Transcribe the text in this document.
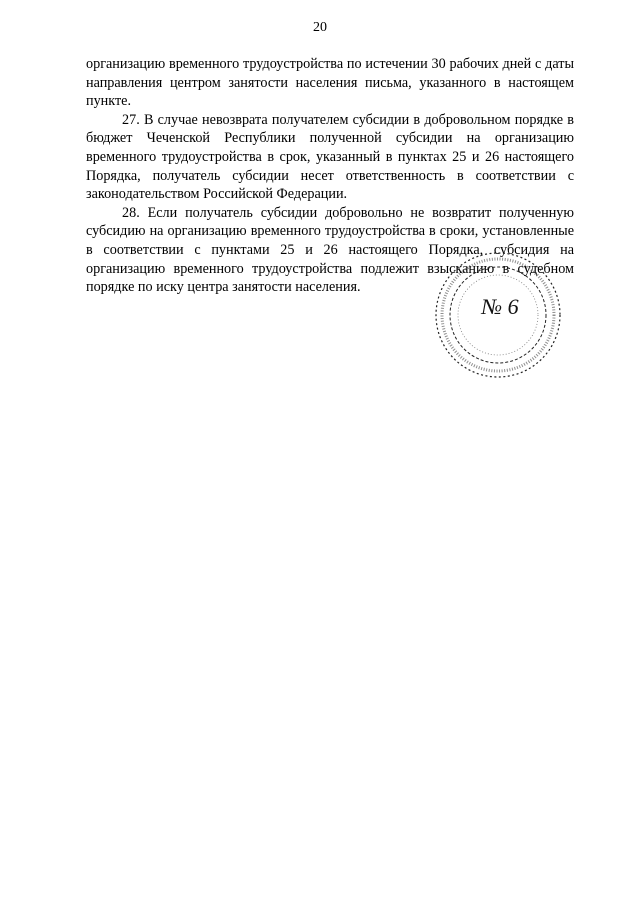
20

организацию временного трудоустройства по истечении 30 рабочих дней с даты направления центром занятости населения письма, указанного в настоящем пункте.

27. В случае невозврата получателем субсидии в добровольном порядке в бюджет Чеченской Республики полученной субсидии на организацию временного трудоустройства в срок, указанный в пунктах 25 и 26 настоящего Порядка, получатель субсидии несет ответственность в соответствии с законодательством Российской Федерации.

28. Если получатель субсидии добровольно не возвратит полученную субсидию на организацию временного трудоустройства в сроки, установленные в соответствии с пунктами 25 и 26 настоящего Порядка, субсидия на организацию временного трудоустройства подлежит взысканию в судебном порядке по иску центра занятости населения.

№ 6
